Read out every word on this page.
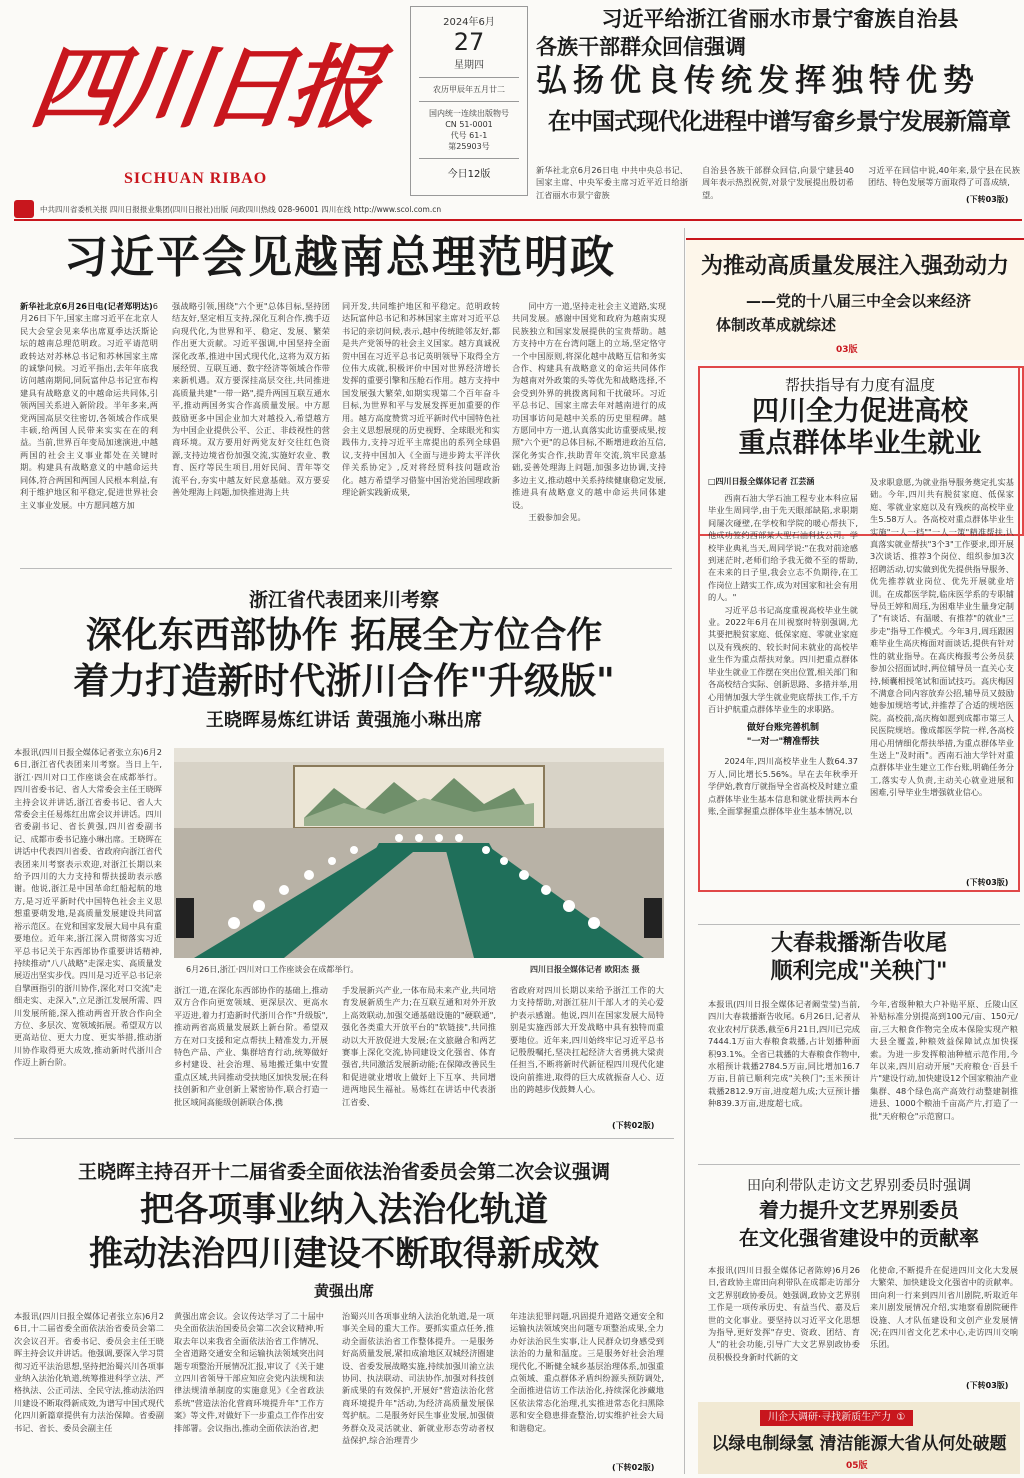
四川日报
SICHUAN RIBAO
2024年6月
27
星期四
农历甲辰年五月廿二
国内统一连续出版物号
CN 51-0001
代号 61-1
第25903号
今日12版
习近平给浙江省丽水市景宁畲族自治县
各族干部群众回信强调
弘扬优良传统发挥独特优势
在中国式现代化进程中谱写畲乡景宁发展新篇章
新华社北京6月26日电 中共中央总书记、国家主席、中央军委主席习近平近日给浙江省丽水市景宁畲族
自治县各族干部群众回信,向景宁建县40周年表示热烈祝贺,对景宁发展提出殷切希望。
习近平在回信中说,40年来,景宁县在民族团结、特色发展等方面取得了可喜成绩,
(下转03版)
中共四川省委机关报 四川日报报业集团(四川日报社)出版 问政四川热线 028-96001 四川在线 http://www.scol.com.cn
习近平会见越南总理范明政

新华社北京6月26日电(记者郑明达)6月26日下午,国家主席习近平在北京人民大会堂会见来华出席夏季达沃斯论坛的越南总理范明政。习近平请范明政转达对苏林总书记和苏林国家主席的诚挚问候。习近平指出,去年年底我访问越南期间,同阮富仲总书记宣布构建具有战略意义的中越命运共同体,引领两国关系进入新阶段。半年多来,两党两国高层交往密切,各领域合作成果丰硕,给两国人民带来实实在在的利益。当前,世界百年变局加速演进,中越两国的社会主义事业都处在关键时期。构建具有战略意义的中越命运共同体,符合两国和两国人民根本利益,有利于维护地区和平稳定,促进世界社会主义事业发展。中方愿同越方加

强战略引领,围绕"六个更"总体目标,坚持团结友好,坚定相互支持,深化互利合作,携手迈向现代化,为世界和平、稳定、发展、繁荣作出更大贡献。习近平强调,中国坚持全面深化改革,推进中国式现代化,这将为双方拓展经贸、互联互通、数字经济等领域合作带来新机遇。双方要深挂高层交往,共同推进高质量共建"一带一路",提升两国互联互通水平,推动两国务实合作高质量发展。中方愿鼓励更多中国企业加大对越投入,希望越方为中国企业提供公平、公正、非歧视性的营商环境。双方要用好两党友好交往红色资源,支持边境省份加强交流,实施好农业、教育、医疗等民生项目,用好民间、青年等交流平台,夯实中越友好民意基础。双方要妥善处理海上问题,加快推进海上共
同开发,共同维护地区和平稳定。范明政转达阮富仲总书记和苏林国家主席对习近平总书记的亲切问候,表示,越中传统睦邻友好,都是共产党领导的社会主义国家。越方真诚祝贺中国在习近平总书记英明领导下取得全方位伟大成就,积极评价中国对世界经济增长发挥的重要引擎和压舱石作用。越方支持中国发展强大繁荣,如期实现第二个百年奋斗目标,为世界和平与发展发挥更加重要的作用。越方高度赞赏习近平新时代中国特色社会主义思想展现的历史视野、全球眼光和实践伟力,支持习近平主席提出的系列全球倡议,支持中国加入《全面与进步跨太平洋伙伴关系协定》,反对将经贸科技问题政治化。越方希望学习借鉴中国治党治国理政新理论新实践新成果,

同中方一道,坚持走社会主义道路,实现共同发展。感谢中国党和政府为越南实现民族独立和国家发展提供的宝贵帮助。越方支持中方在台湾问题上的立场,坚定恪守一个中国原则,将深化越中战略互信和务实合作、构建具有战略意义的命运共同体作为越南对外政策的头等优先和战略选择,不会受到外界的挑拨离间和干扰破坏。习近平总书记、国家主席去年对越南进行的成功国事访问是越中关系的历史里程碑。越方愿同中方一道,认真落实此访重要成果,按照"六个更"的总体目标,不断增进政治互信,深化务实合作,扶助青年交流,筑牢民意基础,妥善处理海上问题,加强多边协调,支持多边主义,推动越中关系持续健康稳定发展,推进具有战略意义的越中命运共同体建设。

王毅参加会见。

为推动高质量发展注入强劲动力
——党的十八届三中全会以来经济
体制改革成就综述
03版
帮扶指导有力度有温度
四川全力促进高校
重点群体毕业生就业
□四川日报全媒体记者 江芸涵

西南石油大学石油工程专业本科应届毕业生周同学,由于先天眼部缺陷,求职期间屡次碰壁,在学校和学院的暖心帮扶下,他成功签约西部某大型石油科技公司。学校毕业典礼当天,周同学说:"在我对前途感到迷茫时,老师们给予我无微不至的帮助,在未来的日子里,我会立志不负期待,在工作岗位上踏实工作,成为对国家和社会有用的人。"

习近平总书记高度重视高校毕业生就业。2022年6月在川视察时特别强调,尤其要把脱贫家庭、低保家庭、零就业家庭以及有残疾的、较长时间未就业的高校毕业生作为重点帮扶对象。四川把重点群体毕业生就业工作摆在突出位置,相关部门和各高校结合实际、创新思路、多措并举,用心用情加强大学生就业兜底帮扶工作,千方百计护航重点群体毕业生的求职路。

做好台账完善机制
"一对一"精准帮扶

2024年,四川高校毕业生人数64.37万人,同比增长5.56%。早在去年秋季开学伊始,教育厅就指导全省高校及时建立重点群体毕业生基本信息和就业帮扶两本台账,全面掌握重点群体毕业生基本情况,以

及求职意愿,为就业指导服务奠定扎实基础。今年,四川共有脱贫家庭、低保家庭、零就业家庭以及有残疾的高校毕业生5.58万人。各高校对重点群体毕业生实施"一人一档""一人一策"精准帮扶,认真落实就业帮扶"3个3"工作要求,即开展3次谈话、推荐3个岗位、组织参加3次招聘活动,切实做到优先提供指导服务、优先推荐就业岗位、优先开展就业培训。在成都医学院,临床医学系的专职辅导员王婷和周珏,为困难毕业生量身定制了"有谈话、有温暖、有推荐"的就业"三步走"指导工作模式。今年3月,周珏跟困难毕业生高庆梅面对面谈话,提供有针对性的就业指导。在高庆梅报考公务员获参加公招面试时,两位辅导员一直关心支持,倾囊相授笔试和面试技巧。高庆梅因不满意合同内容放弃公招,辅导员又鼓励她参加规培考试,并推荐了合适的规培医院。高校前,高庆梅如愿到成都市第三人民医院规培。像成都医学院一样,各高校用心用情细化帮扶举措,为重点群体毕业生送上"及时雨"。西南石油大学针对重点群体毕业生建立工作台账,明确任务分工,落实专人负责,主动关心就业进展和困难,引导毕业生增强就业信心。
(下转03版)
浙江省代表团来川考察
深化东西部协作 拓展全方位合作
着力打造新时代浙川合作"升级版"
王晓晖易炼红讲话 黄强施小琳出席
本报讯(四川日报全媒体记者张立东)6月26日,浙江省代表团来川考察。当日上午,浙江·四川对口工作座谈会在成都举行。四川省委书记、省人大常委会主任王晓晖主持会议并讲话,浙江省委书记、省人大常委会主任易炼红出席会议并讲话。四川省委副书记、省长黄强,四川省委副书记、成都市委书记施小琳出席。王晓晖在讲话中代表四川省委、省政府向浙江省代表团来川考察表示欢迎,对浙江长期以来给予四川的大力支持和帮扶援助表示感谢。他说,浙江是中国革命红船起航的地方,是习近平新时代中国特色社会主义思想重要萌发地,是高质量发展建设共同富裕示范区。在党和国家发展大局中具有重要地位。近年来,浙江深入贯彻落实习近平总书记关于东西部协作重要讲话精神,持续推动"八八战略"走深走实、高质量发展迈出坚实步伐。四川是习近平总书记亲自擘画指引的浙川协作,深化对口交流"走细走实、走深入",立足浙江发展所需、四川发展所能,深入推动两省开放合作向全方位、多层次、宽领域拓展。希望双方以更高站位、更大力度、更实举措,推动浙川协作取得更大成效,推动新时代浙川合作迈上新台阶。
6月26日,浙江·四川对口工作座谈会在成都举行。	四川日报全媒体记者 欧阳杰 摄
浙江一道,在深化东西部协作的基础上,推动双方合作向更宽领域、更深层次、更高水平迈进,着力打造新时代浙川合作"升级版",推动两省高质量发展跃上新台阶。希望双方在对口支援和定点帮扶上精准发力,开展特色产品、产业、集群培育行动,统筹做好乡村建设、社会治理、易地搬迁集中安置重点区域,共同推动受扶地区加快发展;在科技创新和产业创新上紧密协作,联合打造一批区域间高能级创新联合体,携
手发展新兴产业,一体布局未来产业,共同培育发展新质生产力;在互联互通和对外开放上高效联动,加强交通基础设施的"硬联通",强化各类重大开放平台的"软链接",共同推动以大开放促进大发展;在文旅融合和两艺赛事上深化交流,协同建设文化强省、体育强省,共同激活发展新动能;在保障改善民生和促进就业增收上做好上下互享、共同增进两地民生福祉。易炼红在讲话中代表浙江省委、
省政府对四川长期以来给予浙江工作的大力支持帮助,对浙江驻川干部人才的关心爱护表示感谢。他说,四川在国家发展大局特别是实施西部大开发战略中具有独特而重要地位。近年来,四川始终牢记习近平总书记殷殷嘱托,坚决扛起经济大省勇挑大梁责任担当,不断将新时代新征程四川现代化建设向前推进,取得的巨大成就振奋人心、迈出的跨越步伐鼓舞人心。
(下转02版)
大春栽播渐告收尾
顺利完成"关秧门"
本报讯(四川日报全媒体记者阚莹莹)当前,四川大春栽播渐告收尾。6月26日,记者从农业农村厅获悉,截至6月21日,四川已完成7444.1万亩大春粮食栽播,占计划播种面积93.1%。全省已栽播的大春粮食作物中,水稻预计栽播2784.5万亩,同比增加16.7万亩,目前已顺利完成"关秧门";玉米预计栽播2812.9万亩,进度超九成;大豆预计播种839.3万亩,进度超七成。
今年,省级种粮大户补贴平原、丘陵山区补贴标准分别提高到100元/亩、150元/亩,三大粮食作物完全成本保险实现产粮大县全覆盖,种粮效益保障试点加快探索。为进一步发挥粮油种植示范作用,今年以来,四川启动开展"天府粮仓·百县千片"建设行动,加快建设12个国家粮油产业集群、48个绿色高产高效行动整建制推进县、1000个粮油千亩高产片,打造了一批"天府粮仓"示范窗口。
田向利带队走访文艺界别委员时强调
着力提升文艺界别委员
在文化强省建设中的贡献率
本报讯(四川日报全媒体记者陈婷)6月26日,省政协主席田向利带队在成都走访部分文艺界别政协委员。她强调,政协文艺界别工作是一项传承历史、有益当代、嘉及后世的文化事业。要坚持以习近平文化思想为指导,更好发挥"存史、资政、团结、育人"的社会功能,引导广大文艺界别政协委员积极投身新时代新的文
化使命,不断提升在促进四川文化大发展大繁荣、加快建设文化强省中的贡献率。田向利一行来到四川省川剧院,听取近年来川剧发展情况介绍,实地察看剧院硬件设施、人才队伍建设和文创产业发展情况;在四川省文化艺术中心,走访四川交响乐团。
(下转03版)
川企大调研·寻找新质生产力 ①
以绿电制绿氢 清洁能源大省从何处破题
05版
王晓晖主持召开十二届省委全面依法治省委员会第二次会议强调
把各项事业纳入法治化轨道
推动法治四川建设不断取得新成效
黄强出席
本报讯(四川日报全媒体记者张立东)6月26日,十二届省委全面依法治省委员会第二次会议召开。省委书记、委员会主任王晓晖主持会议并讲话。他强调,要深入学习贯彻习近平法治思想,坚持把治蜀兴川各项事业纳入法治化轨道,统筹推进科学立法、严格执法、公正司法、全民守法,推动法治四川建设不断取得新成效,为谱写中国式现代化四川新篇章提供有力法治保障。省委副书记、省长、委员会副主任
黄强出席会议。会议传达学习了二十届中央全面依法治国委员会第二次会议精神,听取去年以来我省全面依法治省工作情况、全省道路交通安全和运输执法领域突出问题专项整治开展情况汇报,审议了《关于建立四川省领导干部应知应会党内法规和法律法规清单制度的实施意见》《全省政法系统"营造法治化营商环境提升年"工作方案》等文件,对做好下一步重点工作作出安排部署。会议指出,推动全面依法治省,把
治蜀兴川各项事业纳入法治化轨道,是一项事关全局的重大工作。要抓实重点任务,推动全面依法治省工作整体提升。一是服务好高质量发展,紧扣成渝地区双城经济圈建设、省委发展战略实施,持续加强川渝立法协同、执法联动、司法协作,加强对科技创新成果的有效保护,开展好"营造法治化营商环境提升年"活动,为经济高质量发展保驾护航。二是服务好民生事业发展,加强债务群众及灵活就业、新就业形态劳动者权益保护,综合治理青少
年违法犯罪问题,巩固提升道路交通安全和运输执法领域突出问题专项整治成果,全力办好法治民生实事,让人民群众切身感受到法治的力量和温度。三是服务好社会治理现代化,不断健全城乡基层治理体系,加强重点领域、重点群体矛盾纠纷源头预防调处,全面推进信访工作法治化,持续深化涉藏地区依法常态化治理,扎实推进常态化扫黑除恶和安全稳患排查整治,切实维护社会大局和谐稳定。
(下转02版)
